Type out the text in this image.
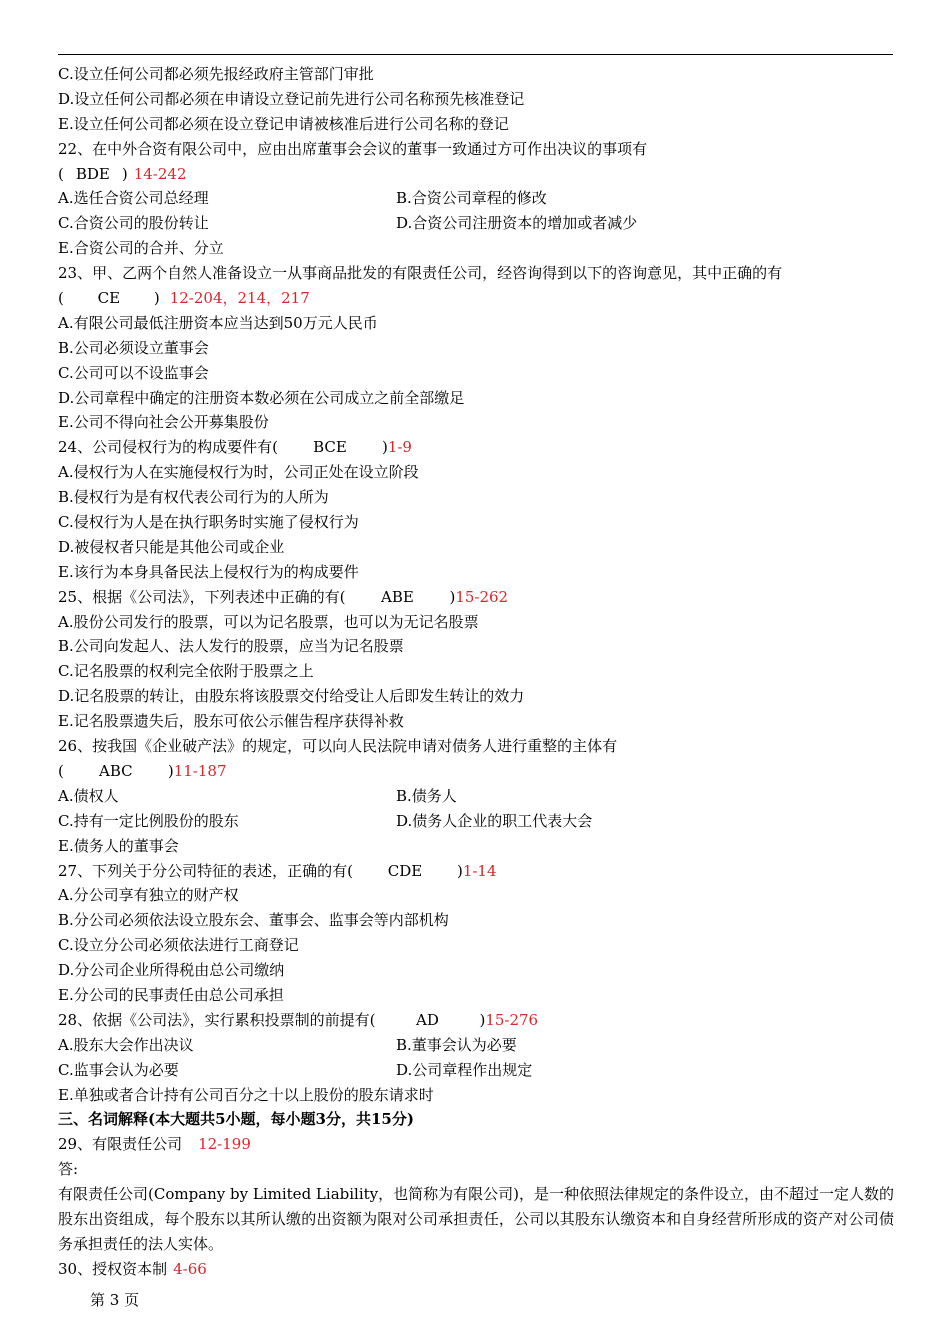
C.设立任何公司都必须先报经政府主管部门审批
D.设立任何公司都必须在申请设立登记前先进行公司名称预先核准登记
E.设立任何公司都必须在设立登记申请被核准后进行公司名称的登记
22、在中外合资有限公司中，应由出席董事会会议的董事一致通过方可作出决议的事项有
( BDE ) 14-242
A.选任合资公司总经理	B.合资公司章程的修改
C.合资公司的股份转让	D.合资公司注册资本的增加或者减少
E.合资公司的合并、分立
23、甲、乙两个自然人准备设立一从事商品批发的有限责任公司，经咨询得到以下的咨询意见，其中正确的有
( CE ) 12-204，214，217
A.有限公司最低注册资本应当达到50万元人民币
B.公司必须设立董事会
C.公司可以不设监事会
D.公司章程中确定的注册资本数必须在公司成立之前全部缴足
E.公司不得向社会公开募集股份
24、公司侵权行为的构成要件有( BCE )1-9
A.侵权行为人在实施侵权行为时，公司正处在设立阶段
B.侵权行为是有权代表公司行为的人所为
C.侵权行为人是在执行职务时实施了侵权行为
D.被侵权者只能是其他公司或企业
E.该行为本身具备民法上侵权行为的构成要件
25、根据《公司法》，下列表述中正确的有( ABE )15-262
A.股份公司发行的股票，可以为记名股票，也可以为无记名股票
B.公司向发起人、法人发行的股票，应当为记名股票
C.记名股票的权利完全依附于股票之上
D.记名股票的转让，由股东将该股票交付给受让人后即发生转让的效力
E.记名股票遗失后，股东可依公示催告程序获得补救
26、按我国《企业破产法》的规定，可以向人民法院申请对债务人进行重整的主体有
( ABC )11-187
A.债权人	B.债务人
C.持有一定比例股份的股东	D.债务人企业的职工代表大会
E.债务人的董事会
27、下列关于分公司特征的表述，正确的有( CDE )1-14
A.分公司享有独立的财产权
B.分公司必须依法设立股东会、董事会、监事会等内部机构
C.设立分公司必须依法进行工商登记
D.分公司企业所得税由总公司缴纳
E.分公司的民事责任由总公司承担
28、依据《公司法》，实行累积投票制的前提有(	AD	)15-276
A.股东大会作出决议	B.董事会认为必要
C.监事会认为必要	D.公司章程作出规定
E.单独或者合计持有公司百分之十以上股份的股东请求时
三、名词解释(本大题共5小题，每小题3分，共15分)
29、有限责任公司 12-199
答:
有限责任公司(Company by Limited Liability，也简称为有限公司)，是一种依照法律规定的条件设立，由不超过一定人数的股东出资组成，每个股东以其所认缴的出资额为限对公司承担责任，公司以其股东认缴资本和自身经营所形成的资产对公司债务承担责任的法人实体。
30、授权资本制 4-66
第 3 页
